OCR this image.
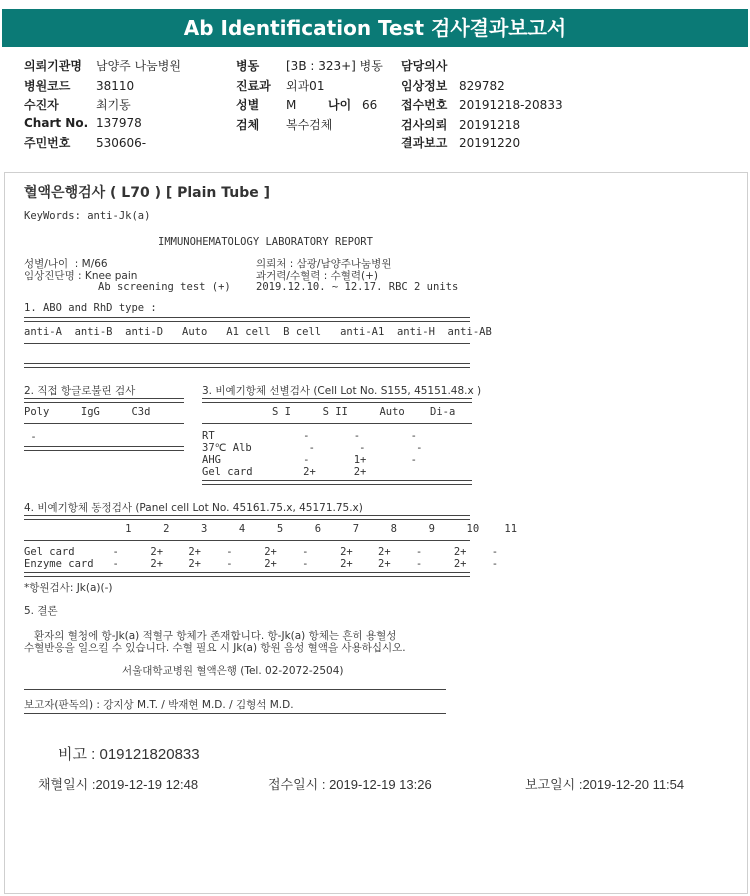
Ab Identification Test 검사결과보고서
의뢰기관명 남양주 나눔병원
병원코드 38110
수진자	최기동
Chart No. 137978
주민번호 530606-
병동 [3B : 323+] 병동
진료과 외과01
성별 M	나이 66
검체 복수검체
담당의사
임상정보 829782
접수번호 20191218-20833
검사의뢰 20191218
결과보고 20191220
혈액은행검사 ( L70 ) [ Plain Tube ]
KeyWords: anti-Jk(a)
IMMUNOHEMATOLOGY LABORATORY REPORT
성별/나이  : M/66
임상진단명 : Knee pain
Ab screening test (+)
의뢰처 : 삼광/남양주나눔병원
과거력/수혈력 : 수혈력(+)
2019.12.10. ~ 12.17. RBC 2 units
1. ABO and RhD type :
anti-A  anti-B  anti-D   Auto   A1 cell  B cell   anti-A1  anti-H  anti-AB
2. 직접 항글로불린 검사
Poly     IgG     C3d
-
3. 비예기항체 선별검사 (Cell Lot No. S155, 45151.48.x )
S I     S II     Auto    Di-a
RT              -       -        -
37℃ Alb         -       -        -
AHG             -       1+       -
Gel card        2+      2+
4. 비예기항체 동정검사 (Panel cell Lot No. 45161.75.x, 45171.75.x)
1     2     3     4     5     6     7     8     9     10    11
Gel card      -     2+    2+    -     2+    -     2+    2+    -     2+    -
Enzyme card   -     2+    2+    -     2+    -     2+    2+    -     2+    -
*항원검사: Jk(a)(-)
5. 결론
환자의 혈청에 항-Jk(a) 적혈구 항체가 존재합니다. 항-Jk(a) 항체는 흔히 용혈성
수혈반응을 일으킬 수 있습니다. 수혈 필요 시 Jk(a) 항원 음성 혈액을 사용하십시오.
서울대학교병원 혈액은행 (Tel. 02-2072-2504)
보고자(판독의) : 강지상 M.T. / 박재현 M.D. / 김형석 M.D.
비고 : 019121820833
채혈일시 :2019-12-19 12:48	접수일시 : 2019-12-19 13:26	보고일시 :2019-12-20 11:54
